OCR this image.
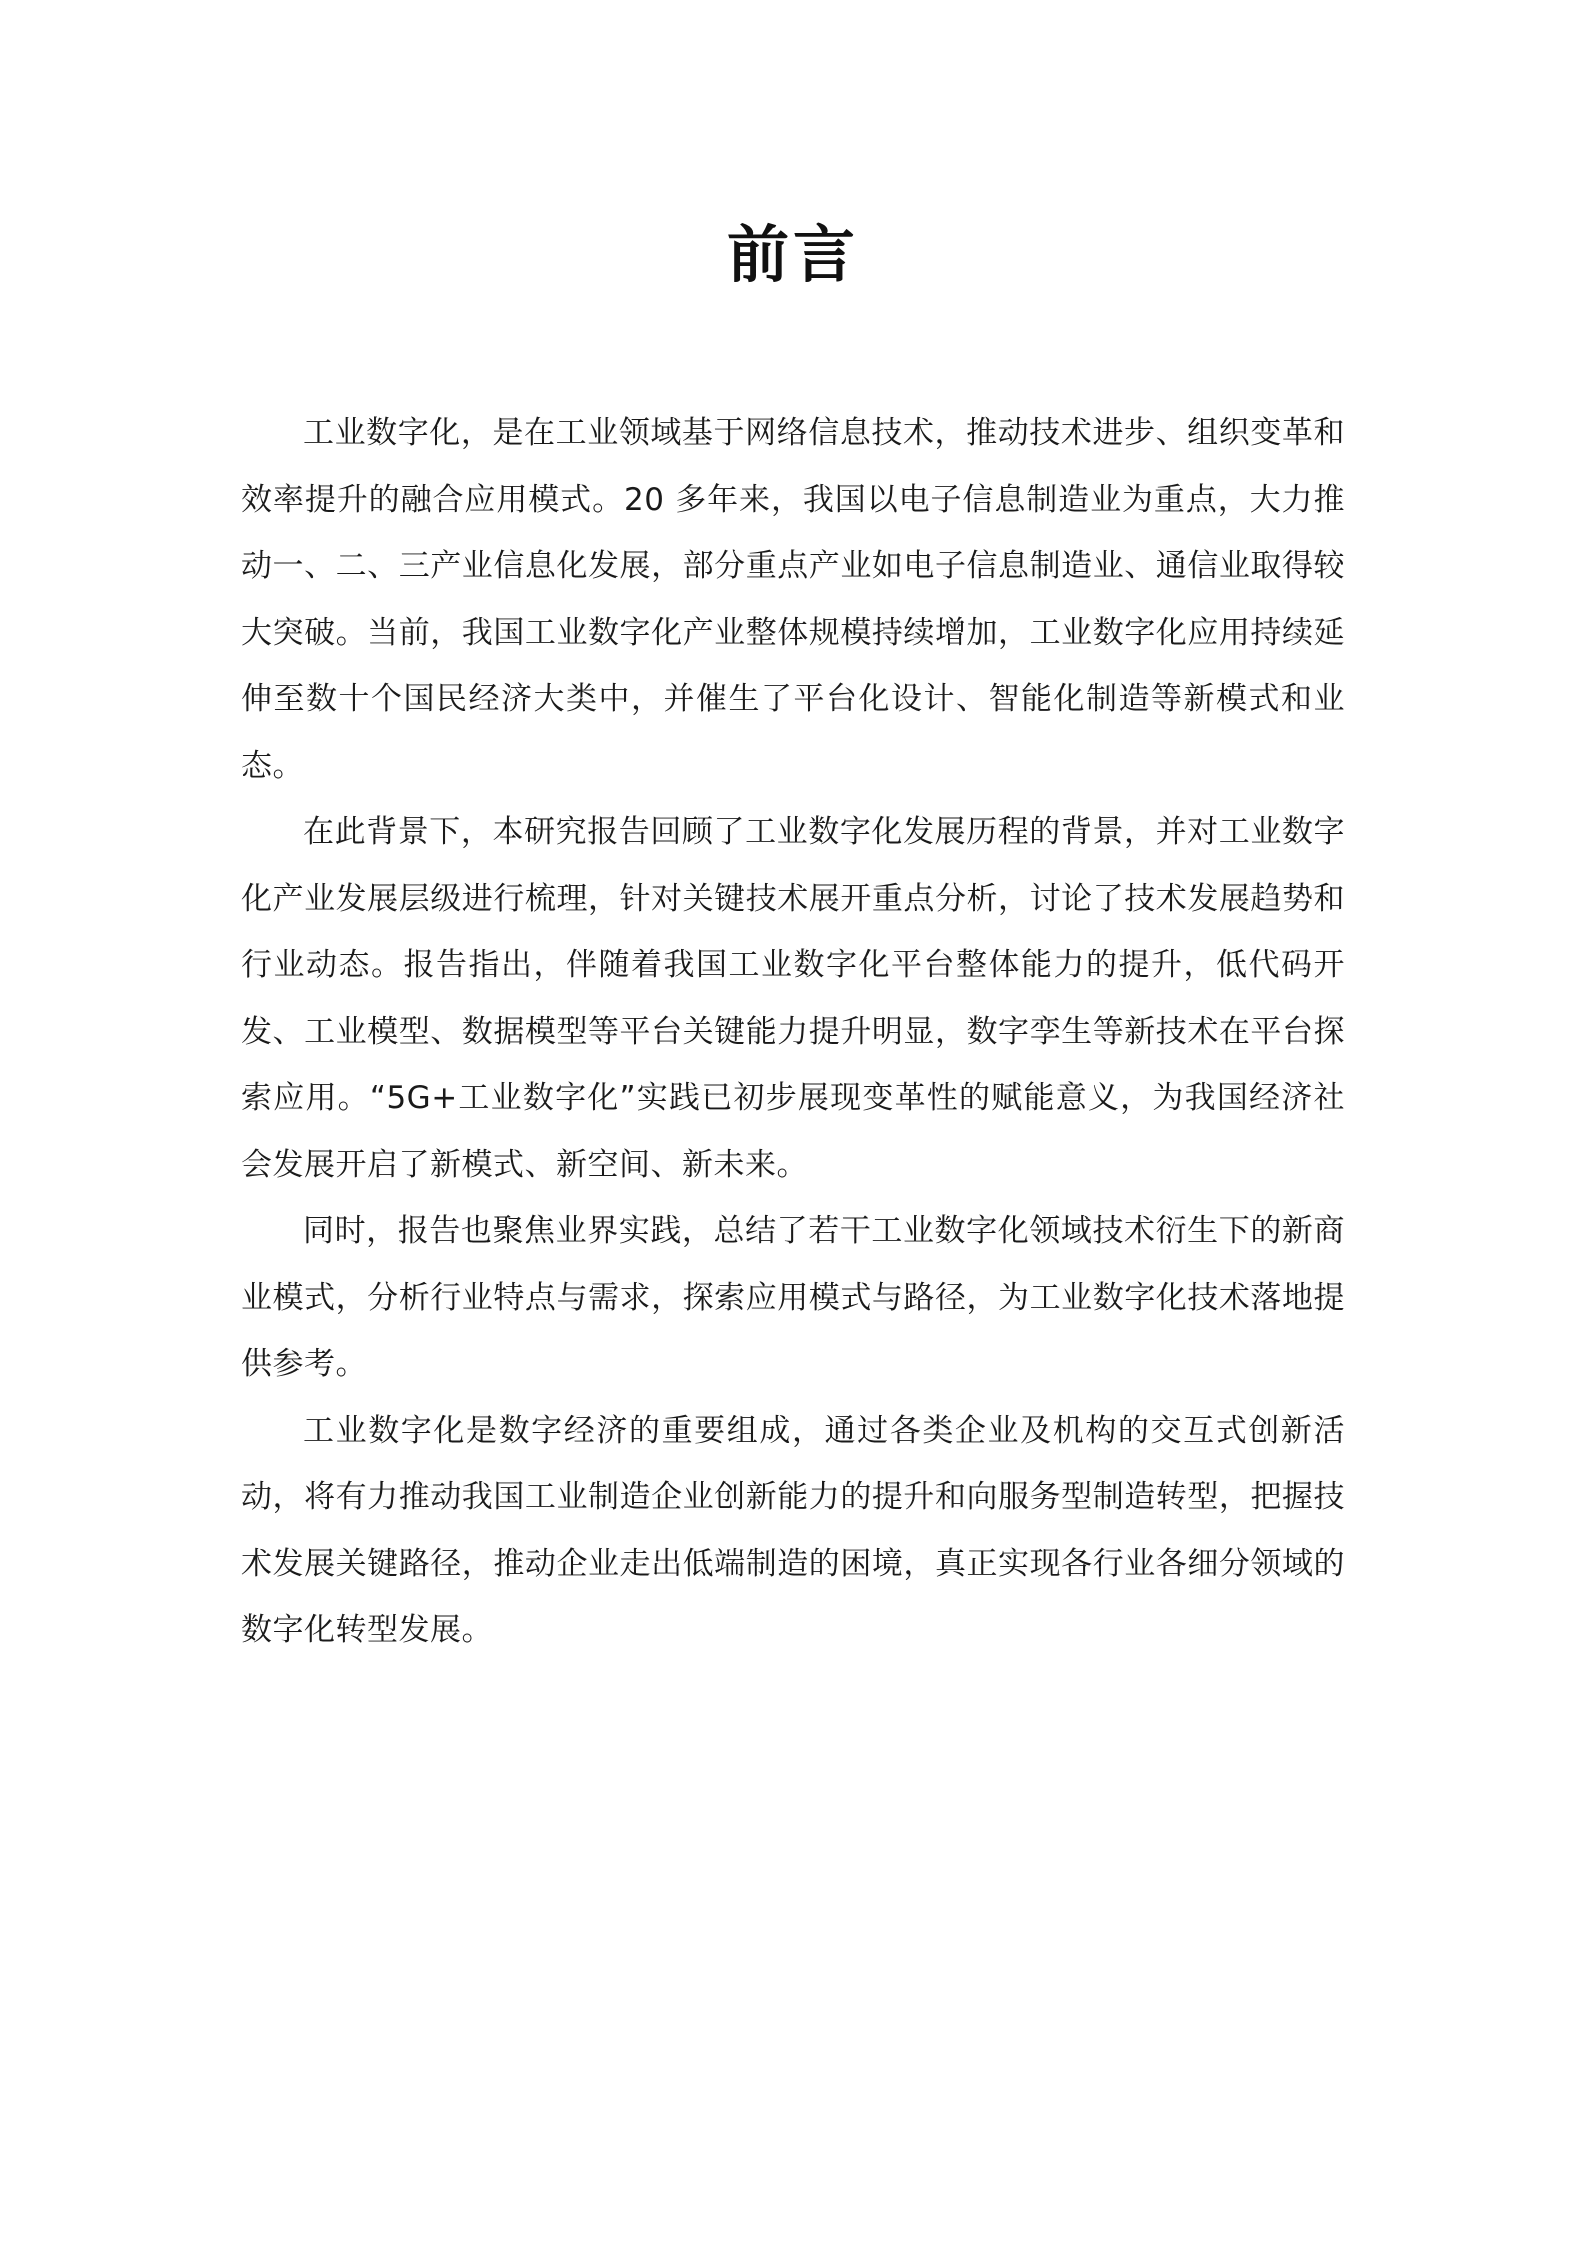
前言

工业数字化，是在工业领域基于网络信息技术，推动技术进步、组织变革和效率提升的融合应用模式。20 多年来，我国以电子信息制造业为重点，大力推动一、二、三产业信息化发展，部分重点产业如电子信息制造业、通信业取得较大突破。当前，我国工业数字化产业整体规模持续增加，工业数字化应用持续延伸至数十个国民经济大类中，并催生了平台化设计、智能化制造等新模式和业态。

在此背景下，本研究报告回顾了工业数字化发展历程的背景，并对工业数字化产业发展层级进行梳理，针对关键技术展开重点分析，讨论了技术发展趋势和行业动态。报告指出，伴随着我国工业数字化平台整体能力的提升，低代码开发、工业模型、数据模型等平台关键能力提升明显，数字孪生等新技术在平台探索应用。“5G+工业数字化”实践已初步展现变革性的赋能意义，为我国经济社会发展开启了新模式、新空间、新未来。

同时，报告也聚焦业界实践，总结了若干工业数字化领域技术衍生下的新商业模式，分析行业特点与需求，探索应用模式与路径，为工业数字化技术落地提供参考。

工业数字化是数字经济的重要组成，通过各类企业及机构的交互式创新活动，将有力推动我国工业制造企业创新能力的提升和向服务型制造转型，把握技术发展关键路径，推动企业走出低端制造的困境，真正实现各行业各细分领域的数字化转型发展。
